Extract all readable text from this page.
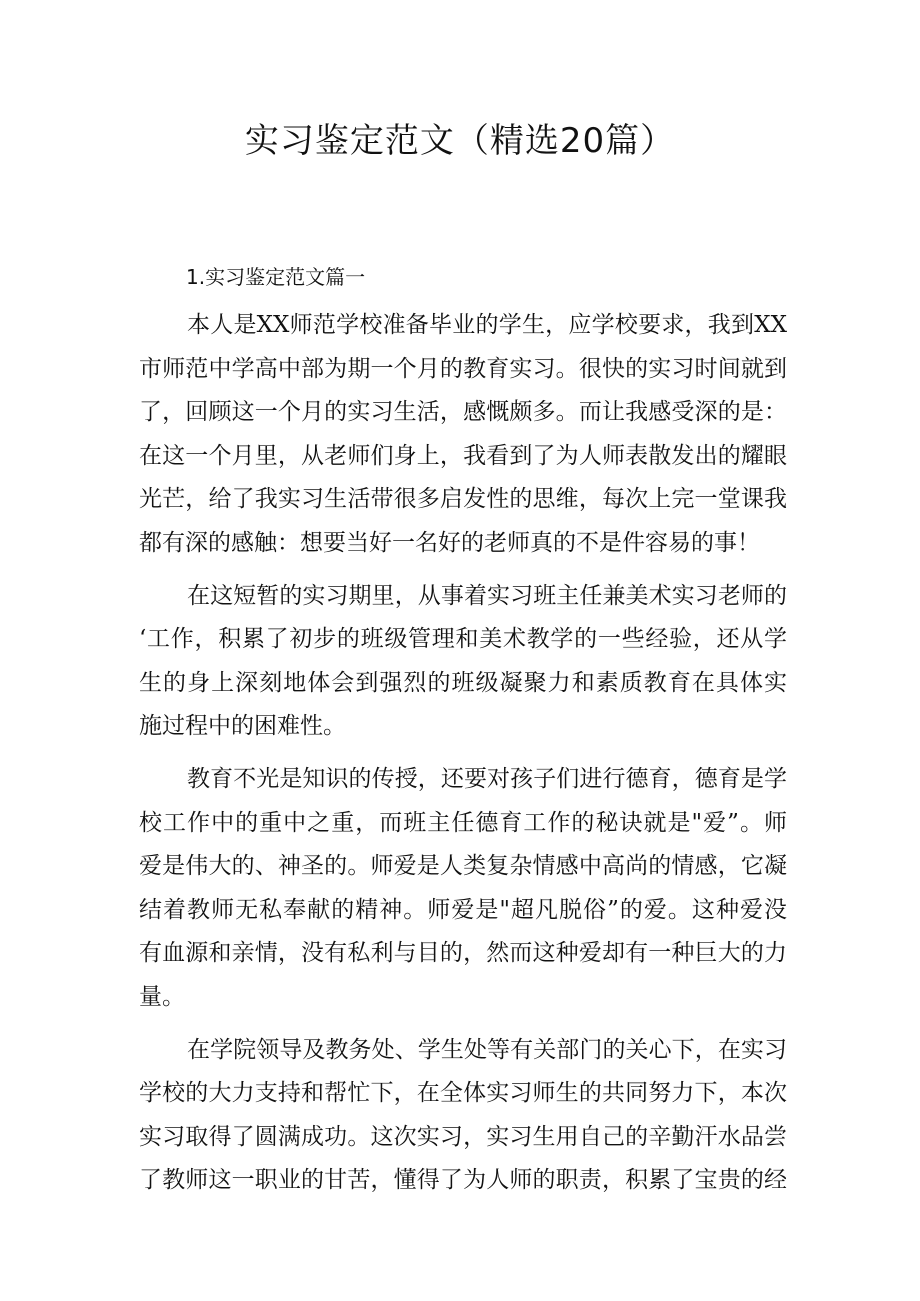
实习鉴定范文（精选20篇）
1.实习鉴定范文篇一
本人是XX师范学校准备毕业的学生，应学校要求，我到XX
市师范中学高中部为期一个月的教育实习。很快的实习时间就到
了，回顾这一个月的实习生活，感慨颇多。而让我感受深的是：
在这一个月里，从老师们身上，我看到了为人师表散发出的耀眼
光芒，给了我实习生活带很多启发性的思维，每次上完一堂课我
都有深的感触：想要当好一名好的老师真的不是件容易的事！
在这短暂的实习期里，从事着实习班主任兼美术实习老师的
‘工作，积累了初步的班级管理和美术教学的一些经验，还从学
生的身上深刻地体会到强烈的班级凝聚力和素质教育在具体实
施过程中的困难性。
教育不光是知识的传授，还要对孩子们进行德育，德育是学
校工作中的重中之重，而班主任德育工作的秘诀就是"爱”。师
爱是伟大的、神圣的。师爱是人类复杂情感中高尚的情感，它凝
结着教师无私奉献的精神。师爱是"超凡脱俗”的爱。这种爱没
有血源和亲情，没有私利与目的，然而这种爱却有一种巨大的力
量。
在学院领导及教务处、学生处等有关部门的关心下，在实习
学校的大力支持和帮忙下，在全体实习师生的共同努力下，本次
实习取得了圆满成功。这次实习，实习生用自己的辛勤汗水品尝
了教师这一职业的甘苦，懂得了为人师的职责，积累了宝贵的经
